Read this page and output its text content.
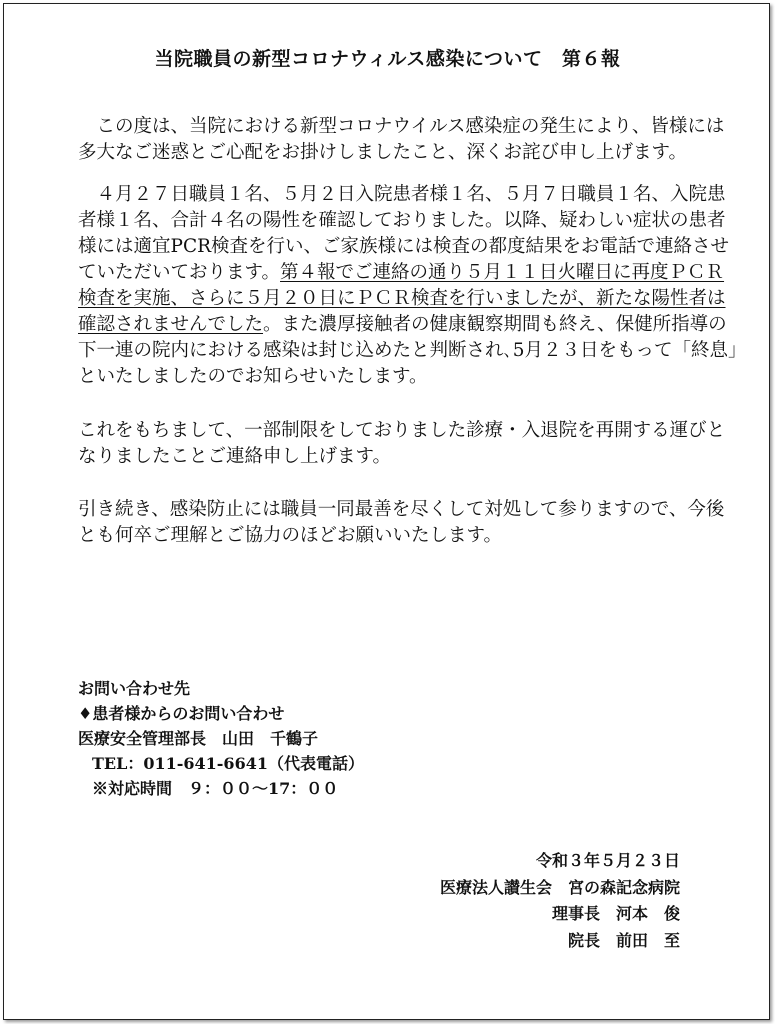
当院職員の新型コロナウィルス感染について　第６報
　この度は、当院における新型コロナウイルス感染症の発生により、皆様には
多大なご迷惑とご心配をお掛けしましたこと、深くお詫び申し上げます。
　４月２７日職員１名、５月２日入院患者様１名、５月７日職員１名、入院患
者様１名、合計４名の陽性を確認しておりました。以降、疑わしい症状の患者
様には適宜PCR検査を行い、ご家族様には検査の都度結果をお電話で連絡させ
ていただいております。第４報でご連絡の通り５月１１日火曜日に再度ＰＣＲ
検査を実施、さらに５月２０日にＰＣＲ検査を行いましたが、新たな陽性者は
確認されませんでした。また濃厚接触者の健康観察期間も終え、保健所指導の
下一連の院内における感染は封じ込めたと判断され､5月２３日をもって「終息」
といたしましたのでお知らせいたします。
これをもちまして、一部制限をしておりました診療・入退院を再開する運びと
なりましたことご連絡申し上げます。
引き続き、感染防止には職員一同最善を尽くして対処して参りますので、今後
とも何卒ご理解とご協力のほどお願いいたします。
お問い合わせ先
♦患者様からのお問い合わせ
医療安全管理部長　山田　千鶴子
TEL：011-641-6641（代表電話）
※対応時間　９：００～17：００
令和３年５月２３日
医療法人讃生会　宮の森記念病院
理事長　河本　俊
院長　前田　至
